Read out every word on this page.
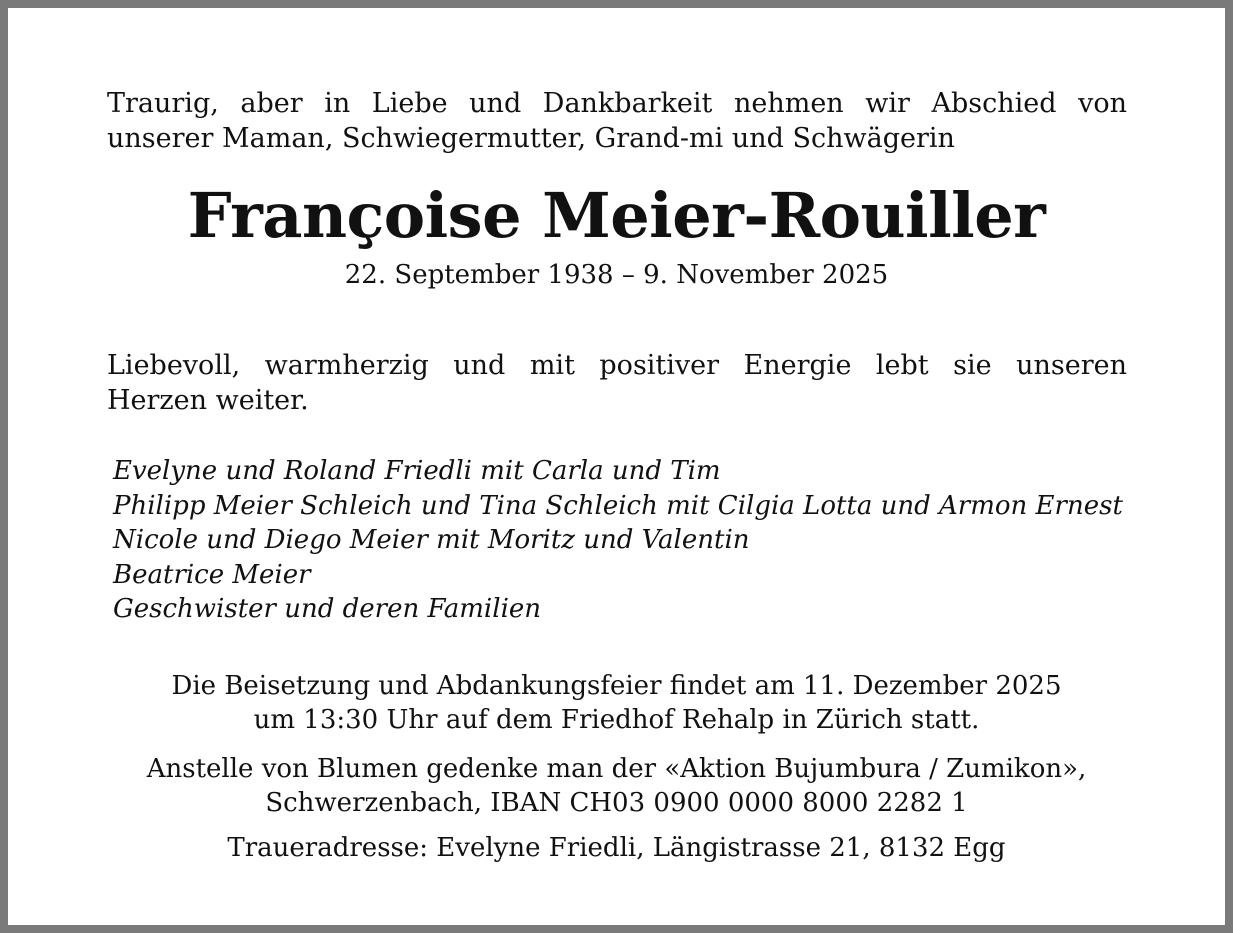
Traurig, aber in Liebe und Dankbarkeit nehmen wir Abschied von
unserer Maman, Schwiegermutter, Grand-mi und Schwägerin

Françoise Meier-Rouiller

22. September 1938 – 9. November 2025

Liebevoll, warmherzig und mit positiver Energie lebt sie unseren
Herzen weiter.

Evelyne und Roland Friedli mit Carla und Tim
Philipp Meier Schleich und Tina Schleich mit Cilgia Lotta und Armon Ernest
Nicole und Diego Meier mit Moritz und Valentin
Beatrice Meier
Geschwister und deren Familien

Die Beisetzung und Abdankungsfeier findet am 11. Dezember 2025
um 13:30 Uhr auf dem Friedhof Rehalp in Zürich statt.

Anstelle von Blumen gedenke man der «Aktion Bujumbura / Zumikon»,
Schwerzenbach, IBAN CH03 0900 0000 8000 2282 1

Traueradresse: Evelyne Friedli, Längistrasse 21, 8132 Egg
